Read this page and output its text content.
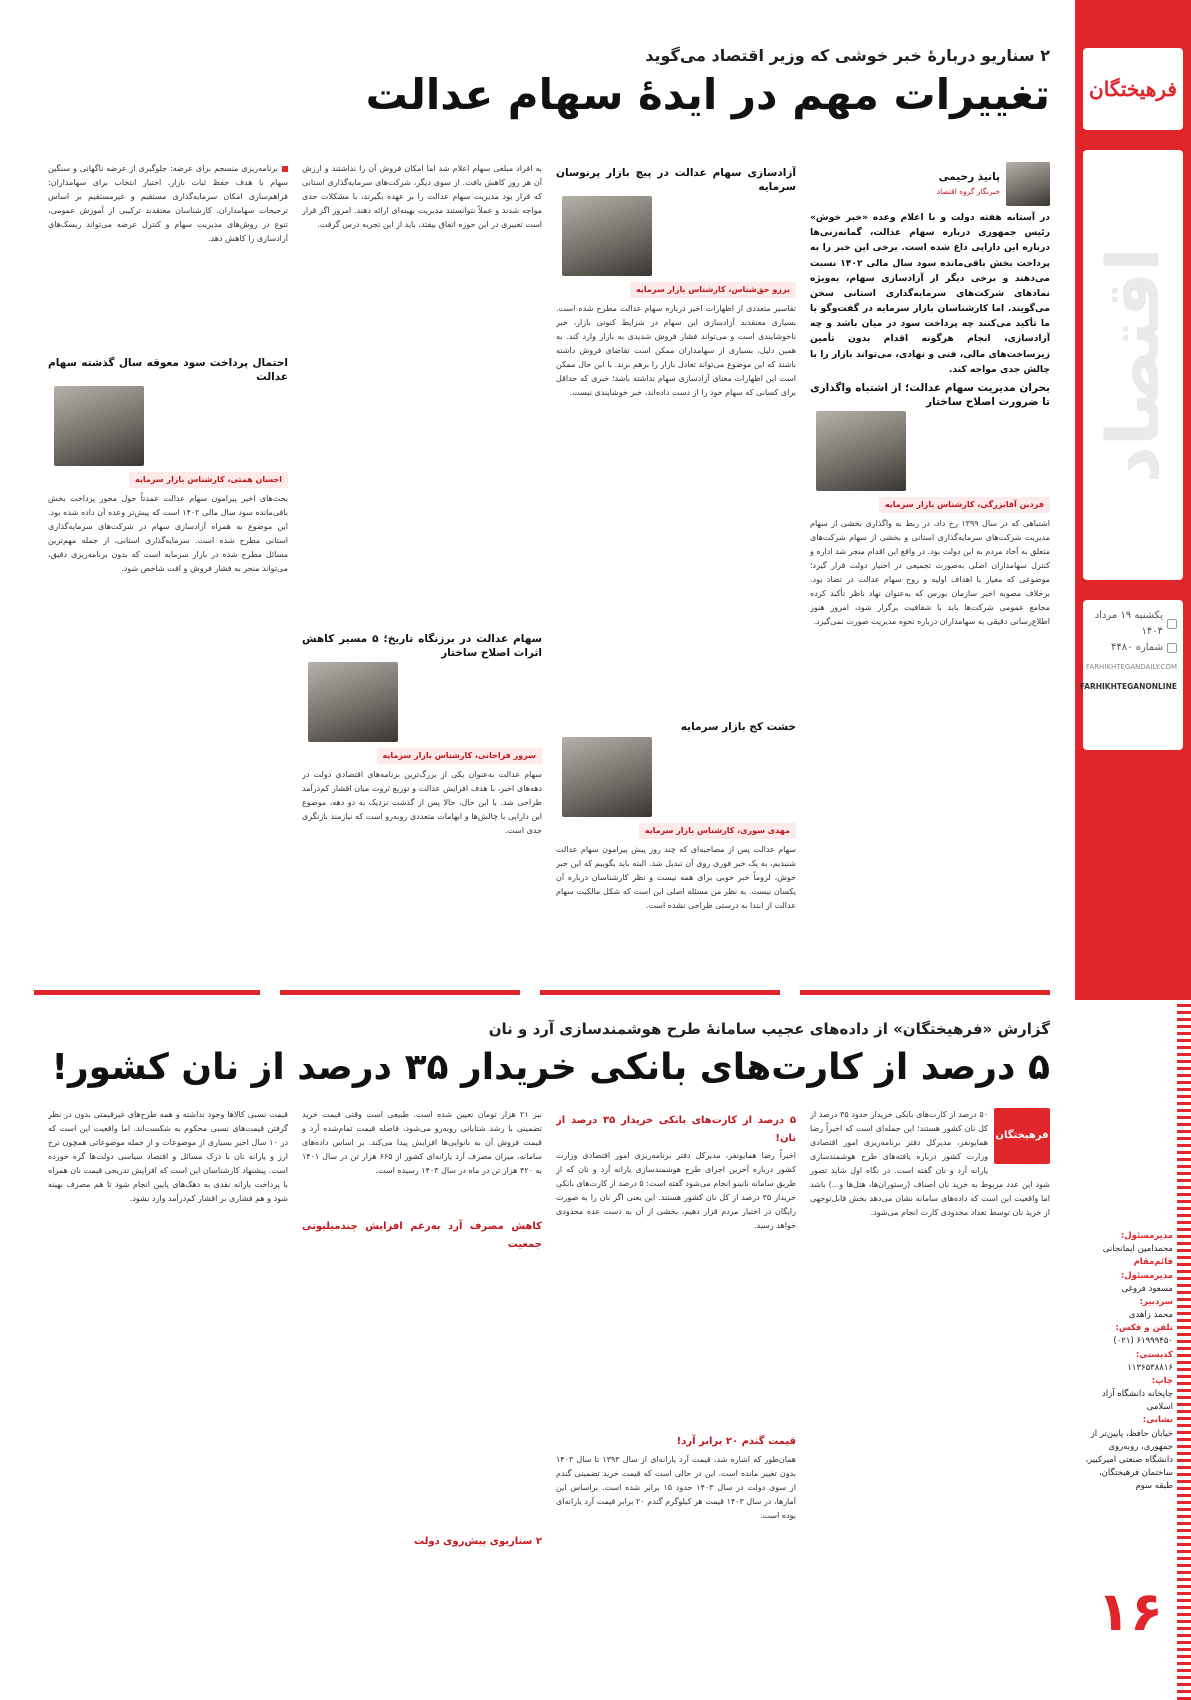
فرهیختگان
اقتصاد
یکشنبه ۱۹ مرداد ۱۴۰۴
شماره ۴۴۸۰
FARHIKHTEGANDAILY.COM
FARHIKHTEGANONLINE
مدیرمسئول:
محمدامین ایمانجانی
قائم‌مقام مدیرمسئول:
مسعود فروغی
سردبیر:
محمد زاهدی
تلفن و فکس:
۶۱۹۹۹۴۵۰ (۰۲۱)
کدپستی:
۱۱۳۶۵۳۸۸۱۶
چاپ:
چاپخانه دانشگاه آزاد اسلامی
نشانی:
خیابان حافظ، پایین‌تر از جمهوری، روبه‌روی دانشگاه صنعتی امیرکبیر، ساختمان فرهیختگان، طبقه سوم
۱۶
۲ سناریو دربارهٔ خبر خوشی که وزیر اقتصاد می‌گوید
تغییرات مهم در ایدهٔ سهام عدالت
پانیذ رحیمی
خبرنگار گروه اقتصاد
در آستانه هفته دولت و با اعلام وعده «خبر خوش» رئیس جمهوری درباره سهام عدالت، گمانه‌زنی‌ها درباره این دارایی داغ شده است. برخی این خبر را به پرداخت بخش باقی‌مانده سود سال مالی ۱۴۰۲ نسبت می‌دهند و برخی دیگر از آزادسازی سهام، به‌ویژه نمادهای شرکت‌های سرمایه‌گذاری استانی سخن می‌گویند. اما کارشناسان بازار سرمایه در گفت‌وگو با ما تأکید می‌کنند چه پرداخت سود در میان باشد و چه آزادسازی، انجام هرگونه اقدام بدون تأمین زیرساخت‌های مالی، فنی و نهادی، می‌تواند بازار را با چالش جدی مواجه کند.
بحران مدیریت سهام عدالت؛ از اشتباه واگذاری تا ضرورت اصلاح ساختار
فردین آقابزرگی، کارشناس بازار سرمایه

اشتباهی که در سال ۱۳۹۹ رخ داد، در ربط به واگذاری بخشی از سهام مدیریت شرکت‌های سرمایه‌گذاری استانی و بخشی از سهام شرکت‌های متعلق به آحاد مردم به این دولت بود. در واقع این اقدام منجر شد اداره و کنترل سهامداران اصلی به‌صورت تجمیعی در اختیار دولت قرار گیرد؛ موضوعی که معیار با اهداف اولیه و روح سهام عدالت در تضاد بود. برخلاف مصوبه اخیر سازمان بورس که به‌عنوان نهاد ناظر تأکید کرده مجامع عمومی شرکت‌ها باید با شفافیت برگزار شود، امروز هنوز اطلاع‌رسانی دقیقی به سهامداران درباره نحوه مدیریت صورت نمی‌گیرد.

آزادسازی سهام عدالت در پیچ بازار پرنوسان سرمایه
برزو حق‌شناس، کارشناس بازار سرمایه

تفاسیر متعددی از اظهارات اخیر درباره سهام عدالت مطرح شده است. بسیاری معتقدند آزادسازی این سهام در شرایط کنونی بازار، خبر ناخوشایندی است و می‌تواند فشار فروش شدیدی به بازار وارد کند. به همین دلیل، بسیاری از سهامداران ممکن است تقاضای فروش داشته باشند که این موضوع می‌تواند تعادل بازار را برهم بزند. با این حال ممکن است این اظهارات معنای آزادسازی سهام نداشته باشد؛ خبری که حداقل برای کسانی که سهام خود را از دست داده‌اند، خبر خوشایندی نیست.

خشت کج بازار سرمایه
مهدی سوری، کارشناس بازار سرمایه

سهام عدالت پس از مصاحبه‌ای که چند روز پیش پیرامون سهام عدالت شنیدیم، به یک خبر فوری روی آن تبدیل شد. البته باید بگوییم که این خبر خوش، لزوماً خبر خوبی برای همه نیست و نظر کارشناسان درباره آن یکسان نیست. به نظر من مسئله اصلی این است که شکل مالکیت سهام عدالت از ابتدا به درستی طراحی نشده است.

به افراد مبلغی سهام اعلام شد اما امکان فروش آن را نداشتند و ارزش آن هر روز کاهش یافت. از سوی دیگر، شرکت‌های سرمایه‌گذاری استانی که قرار بود مدیریت سهام عدالت را بر عهده بگیرند، با مشکلات جدی مواجه شدند و عملاً نتوانستند مدیریت بهینه‌ای ارائه دهند. امروز اگر قرار است تغییری در این حوزه اتفاق بیفتد، باید از این تجربه درس گرفت.

سهام عدالت در برزنگاه تاریخ؛ ۵ مسیر کاهش اثرات اصلاح ساختار
سرور فراخانی، کارشناس بازار سرمایه

سهام عدالت به‌عنوان یکی از بزرگ‌ترین برنامه‌های اقتصادی دولت در دهه‌های اخیر، با هدف افزایش عدالت و توزیع ثروت میان اقشار کم‌درآمد طراحی شد. با این حال، حالا پس از گذشت نزدیک به دو دهه، موضوع این دارایی با چالش‌ها و ابهامات متعددی روبه‌رو است که نیازمند بازنگری جدی است.

برنامه‌ریزی منسجم برای عرضه: جلوگیری از عرضه ناگهانی و سنگین سهام با هدف حفظ ثبات بازار. اختیار انتخاب برای سهامداران: فراهم‌سازی امکان سرمایه‌گذاری مستقیم و غیرمستقیم بر اساس ترجیحات سهامداران. کارشناسان معتقدند ترکیبی از آموزش عمومی، تنوع در روش‌های مدیریت سهام و کنترل عرضه می‌تواند ریسک‌های آزادسازی را کاهش دهد.

احتمال پرداخت سود معوقه سال گذشته سهام عدالت
احسان همتی، کارشناس بازار سرمایه

بحث‌های اخیر پیرامون سهام عدالت عمدتاً حول محور پرداخت بخش باقی‌مانده سود سال مالی ۱۴۰۲ است که پیش‌تر وعده آن داده شده بود. این موضوع به همراه آزادسازی سهام در شرکت‌های سرمایه‌گذاری استانی مطرح شده است. سرمایه‌گذاری استانی، از جمله مهم‌ترین مسائل مطرح شده در بازار سرمایه است که بدون برنامه‌ریزی دقیق، می‌تواند منجر به فشار فروش و افت شاخص شود.

گزارش «فرهیختگان» از داده‌های عجیب سامانهٔ طرح هوشمندسازی آرد و نان
۵ درصد از کارت‌های بانکی خریدار ۳۵ درصد از نان کشور!
فرهیختگان

۵۰ درصد از کارت‌های بانکی خریدار حدود ۳۵ درصد از کل نان کشور هستند؛ این جمله‌ای است که اخیراً رضا همایونفر، مدیرکل دفتر برنامه‌ریزی امور اقتصادی وزارت کشور درباره یافته‌های طرح هوشمندسازی یارانه آرد و نان گفته است. در نگاه اول شاید تصور شود این عدد مربوط به خرید نان اصناف (رستوران‌ها، هتل‌ها و...) باشد اما واقعیت این است که داده‌های سامانه نشان می‌دهد بخش قابل‌توجهی از خرید نان توسط تعداد محدودی کارت انجام می‌شود.

۵ درصد از کارت‌های بانکی خریدار ۳۵ درصد از نان!

اخیراً رضا همایونفر، مدیرکل دفتر برنامه‌ریزی امور اقتصادی وزارت کشور درباره آخرین اجرای طرح هوشمندسازی یارانه آرد و نان که از طریق سامانه نانینو انجام می‌شود گفته است: ۵ درصد از کارت‌های بانکی خریدار ۳۵ درصد از کل نان کشور هستند. این یعنی اگر نان را به صورت رایگان در اختیار مردم قرار دهیم، بخشی از آن به دست عده محدودی خواهد رسید.

قیمت گندم ۲۰ برابر آرد!

همان‌طور که اشاره شد، قیمت آرد یارانه‌ای از سال ۱۳۹۳ تا سال ۱۴۰۳ بدون تغییر مانده است. این در حالی است که قیمت خرید تضمینی گندم از سوی دولت در سال ۱۴۰۳ حدود ۱۵ برابر شده است. براساس این آمارها، در سال ۱۴۰۳ قیمت هر کیلوگرم گندم ۲۰ برابر قیمت آرد یارانه‌ای بوده است.

نیز ۲۱ هزار تومان تعیین شده است. طبیعی است وقتی قیمت خرید تضمینی با رشد شتابانی روبه‌رو می‌شود، فاصله قیمت تمام‌شده آرد و قیمت فروش آن به نانوایی‌ها افزایش پیدا می‌کند. بر اساس داده‌های سامانه، میزان مصرف آرد یارانه‌ای کشور از ۶۶۵ هزار تن در سال ۱۴۰۱ به ۴۲۰ هزار تن در ماه در سال ۱۴۰۳ رسیده است.

کاهش مصرف آرد به‌رغم افزایش چندمیلیونی جمعیت
۲ سناریوی پیش‌روی دولت

قیمت نسبی کالاها وجود نداشته و همه طرح‌های غیرقیمتی بدون در نظر گرفتن قیمت‌های نسبی محکوم به شکست‌اند. اما واقعیت این است که در ۱۰ سال اخیر بسیاری از موضوعات و از جمله موضوعاتی همچون نرخ ارز و یارانه نان با درک مسائل و اقتصاد سیاسی دولت‌ها گره خورده است. پیشنهاد کارشناسان این است که افزایش تدریجی قیمت نان همراه با پرداخت یارانه نقدی به دهک‌های پایین انجام شود تا هم مصرف بهینه شود و هم فشاری بر اقشار کم‌درآمد وارد نشود.
